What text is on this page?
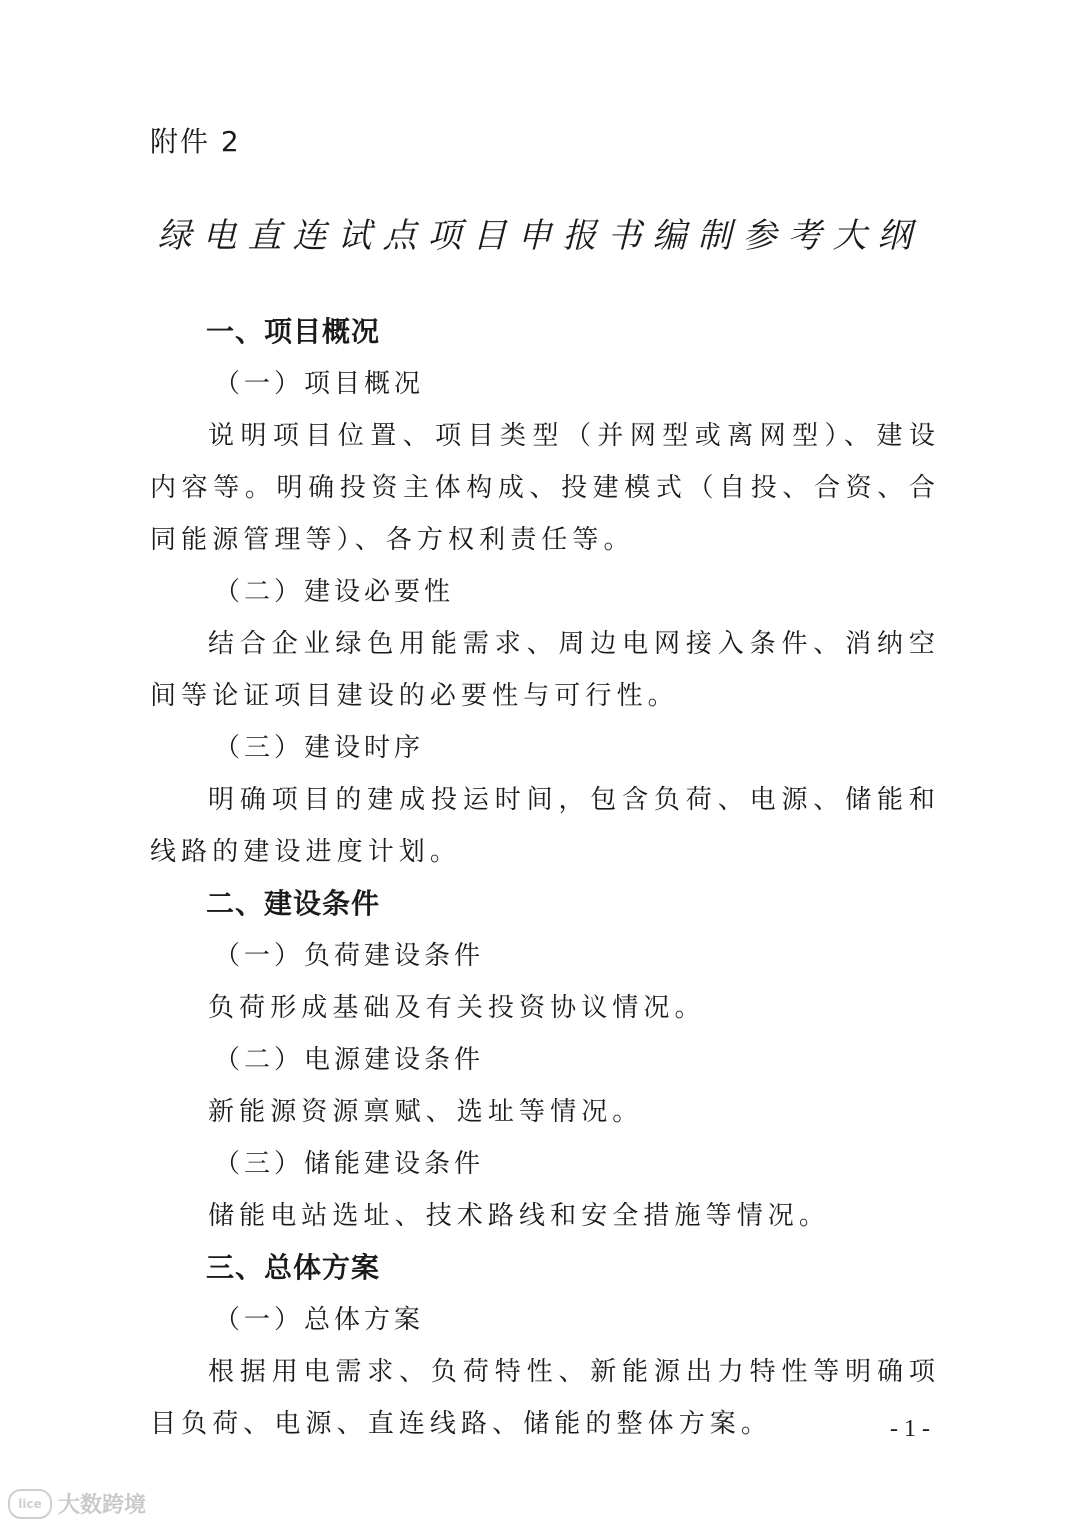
附件 2
绿电直连试点项目申报书编制参考大纲
一、项目概况
（一）项目概况
说明项目位置、项目类型（并网型或离网型）、建设内容等。明确投资主体构成、投建模式（自投、合资、合同能源管理等）、各方权利责任等。
（二）建设必要性
结合企业绿色用能需求、周边电网接入条件、消纳空间等论证项目建设的必要性与可行性。
（三）建设时序
明确项目的建成投运时间，包含负荷、电源、储能和线路的建设进度计划。
二、建设条件
（一）负荷建设条件
负荷形成基础及有关投资协议情况。
（二）电源建设条件
新能源资源禀赋、选址等情况。
（三）储能建设条件
储能电站选址、技术路线和安全措施等情况。
三、总体方案
（一）总体方案
根据用电需求、负荷特性、新能源出力特性等明确项目负荷、电源、直连线路、储能的整体方案。	- 1 -
lice 大数跨境
